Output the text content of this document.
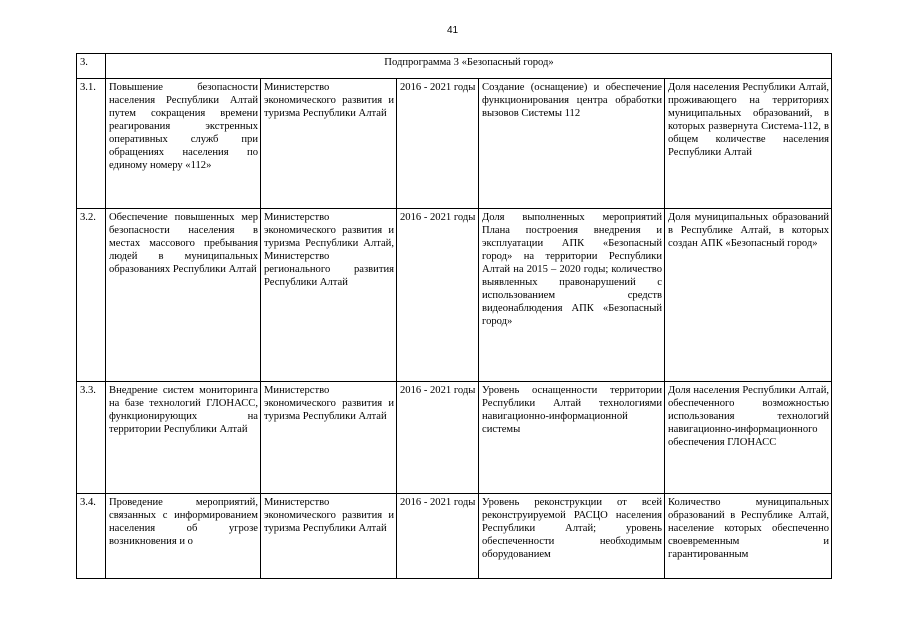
41
3.	Подпрограмма 3 «Безопасный город»				
3.1.	Повышение безопасности населения Республики Алтай путем сокращения времени реагирования экстренных оперативных служб при обращениях населения по единому номеру «112»	Министерство экономического развития и туризма Республики Алтай	2016 - 2021 годы	Создание (оснащение) и обеспечение функционирования центра обработки вызовов Системы 112	Доля населения Республики Алтай, проживающего на территориях муниципальных образований, в которых развернута Система-112, в общем количестве населения Республики Алтай
3.2.	Обеспечение повышенных мер безопасности населения в местах массового пребывания людей в муниципальных образованиях Республики Алтай	Министерство экономического развития и туризма Республики Алтай, Министерство регионального развития Республики Алтай	2016 - 2021 годы	Доля выполненных мероприятий Плана построения внедрения и эксплуатации АПК «Безопасный город» на территории Республики Алтай на 2015 – 2020 годы; количество выявленных правонарушений с использованием средств видеонаблюдения АПК «Безопасный город»	Доля муниципальных образований в Республике Алтай, в которых создан АПК «Безопасный город»
3.3.	Внедрение систем мониторинга на базе технологий ГЛОНАСС, функционирующих на территории Республики Алтай	Министерство экономического развития и туризма Республики Алтай	2016 - 2021 годы	Уровень оснащенности территории Республики Алтай технологиями навигационно-информационной системы	Доля населения Республики Алтай, обеспеченного возможностью использования технологий навигационно-информационного обеспечения ГЛОНАСС
3.4.	Проведение мероприятий, связанных с информированием населения об угрозе возникновения и о	Министерство экономического развития и туризма Республики Алтай	2016 - 2021 годы	Уровень реконструкции от всей реконструируемой РАСЦО населения Республики Алтай; уровень обеспеченности необходимым оборудованием	Количество муниципальных образований в Республике Алтай, население которых обеспеченно своевременным и гарантированным
